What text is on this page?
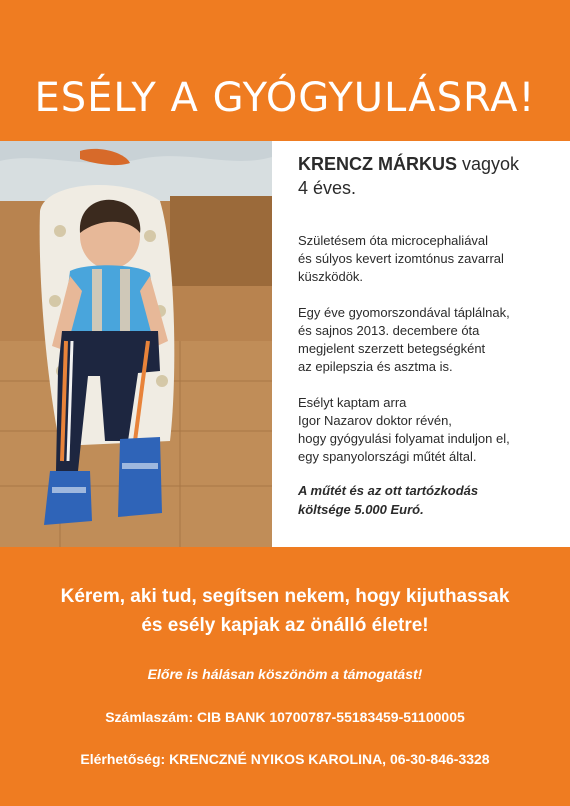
ESÉLY A GYÓGYULÁSRA!
KRENCZ MÁRKUS vagyok
4 éves.
Születésem óta microcephaliával
és súlyos kevert izomtónus zavarral
küszködök.
Egy éve gyomorszondával táplálnak,
és sajnos 2013. decembere óta
megjelent szerzett betegségként
az epilepszia és asztma is.
Esélyt kaptam arra
Igor Nazarov doktor révén,
hogy gyógyulási folyamat induljon el,
egy spanyolországi műtét által.
A műtét és az ott tartózkodás
költsége 5.000 Euró.
Kérem, aki tud, segítsen nekem, hogy kijuthassak
és esély kapjak az önálló életre!
Előre is hálásan köszönöm a támogatást!
Számlaszám: CIB BANK 10700787-55183459-51100005
Elérhetőség: KRENCZNÉ NYIKOS KAROLINA, 06-30-846-3328
